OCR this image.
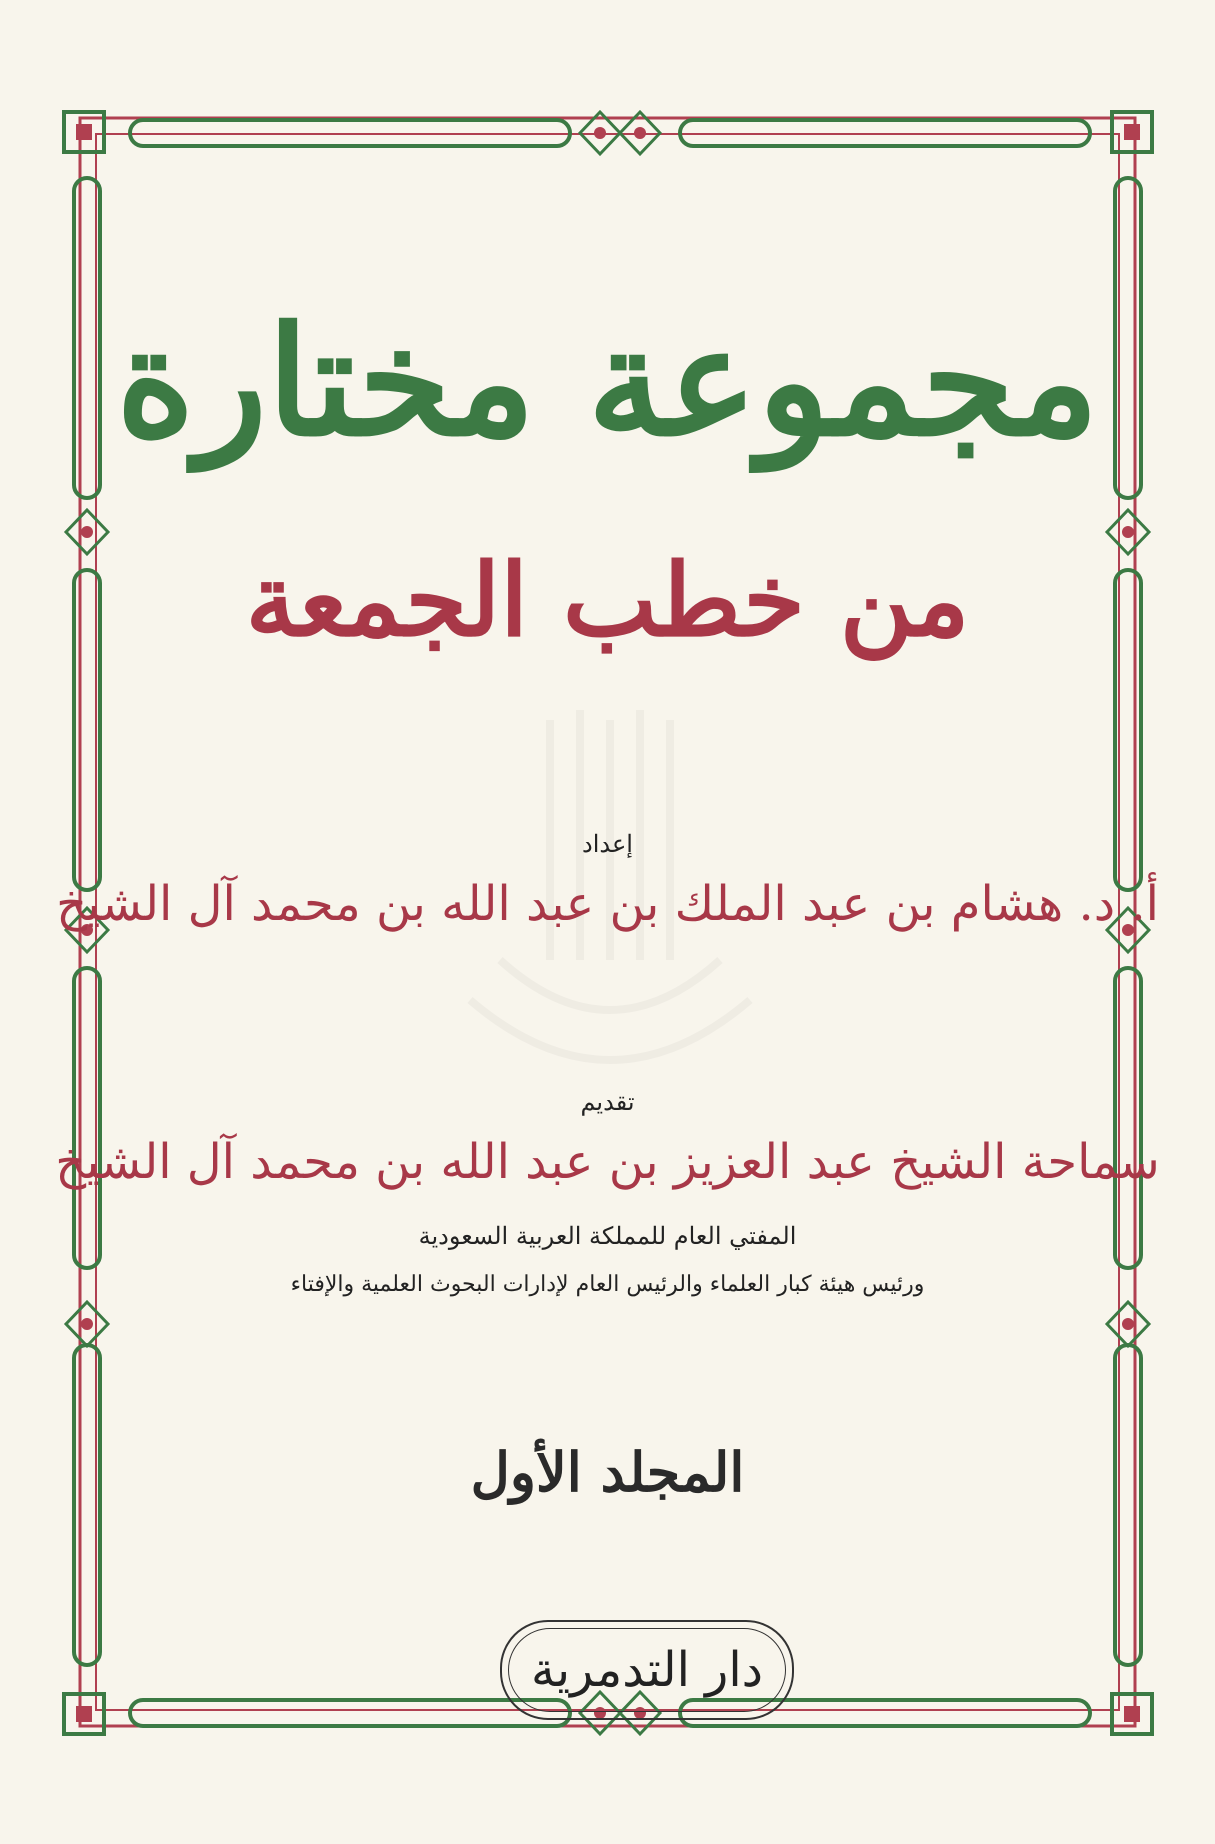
مجموعة مختارة
من خطب الجمعة
إعداد
أ. د. هشام بن عبد الملك بن عبد الله بن محمد آل الشيخ
تقديم
سماحة الشيخ عبد العزيز بن عبد الله بن محمد آل الشيخ
المفتي العام للمملكة العربية السعودية
ورئيس هيئة كبار العلماء والرئيس العام لإدارات البحوث العلمية والإفتاء
المجلد الأول
دار التدمرية
